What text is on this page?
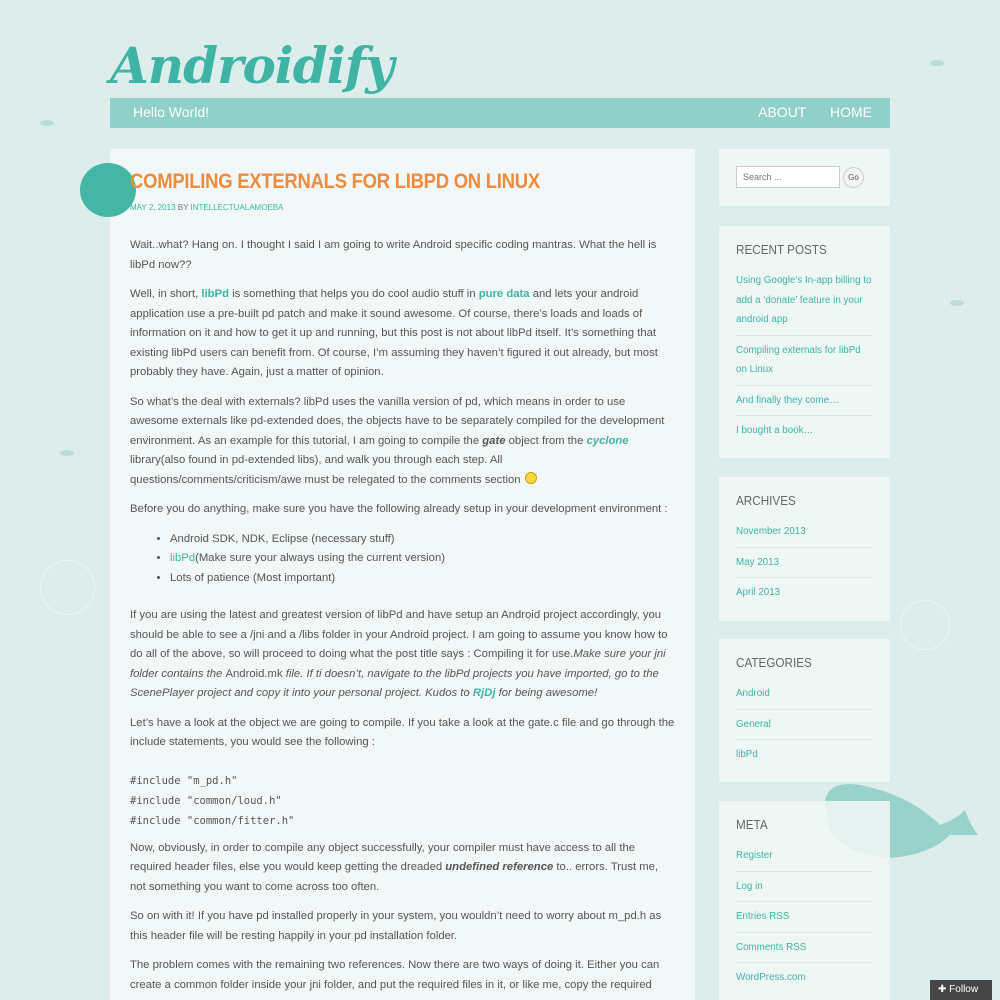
Androidify
Hello World!	ABOUT HOME
COMPILING EXTERNALS FOR LIBPD ON LINUX
MAY 2, 2013 BY INTELLECTUALAMOEBA

Wait..what? Hang on. I thought I said I am going to write Android specific coding mantras. What the hell is libPd now??

Well, in short, libPd is something that helps you do cool audio stuff in pure data and lets your android application use a pre-built pd patch and make it sound awesome. Of course, there’s loads and loads of information on it and how to get it up and running, but this post is not about libPd itself. It’s something that existing libPd users can benefit from. Of course, I’m assuming they haven’t figured it out already, but most probably they have. Again, just a matter of opinion.

So what’s the deal with externals? libPd uses the vanilla version of pd, which means in order to use awesome externals like pd-extended does, the objects have to be separately compiled for the development environment. As an example for this tutorial, I am going to compile the gate object from the cyclone library(also found in pd-extended libs), and walk you through each step. All questions/comments/criticism/awe must be relegated to the comments section

Before you do anything, make sure you have the following already setup in your development environment :

• Android SDK, NDK, Eclipse (necessary stuff)
• libPd(Make sure your always using the current version)
• Lots of patience (Most important)

If you are using the latest and greatest version of libPd and have setup an Android project accordingly, you should be able to see a /jni and a /libs folder in your Android project. I am going to assume you know how to do all of the above, so will proceed to doing what the post title says : Compiling it for use.Make sure your jni folder contains the Android.mk file. If ti doesn’t, navigate to the libPd projects you have imported, go to the ScenePlayer project and copy it into your personal project. Kudos to RjDj for being awesome!

Let’s have a look at the object we are going to compile. If you take a look at the gate.c file and go through the include statements, you would see the following :

#include "m_pd.h"
#include "common/loud.h"
#include "common/fitter.h"

Now, obviously, in order to compile any object successfully, your compiler must have access to all the required header files, else you would keep getting the dreaded undefined reference to.. errors. Trust me, not something you want to come across too often.

So on with it! If you have pd installed properly in your system, you wouldn’t need to worry about m_pd.h as this header file will be resting happily in your pd installation folder.

The problem comes with the remaining two references. Now there are two ways of doing it. Either you can create a common folder inside your jni folder, and put the required files in it, or like me, copy the required

Search ...
Go
RECENT POSTS
Using Google’s In-app billing to add a ‘donate’ feature in your android app
Compiling externals for libPd on Linux
And finally they come…
I bought a book…
ARCHIVES
November 2013
May 2013
April 2013
CATEGORIES
Android
General
libPd
META
Register
Log in
Entries RSS
Comments RSS
WordPress.com
✚ Follow
